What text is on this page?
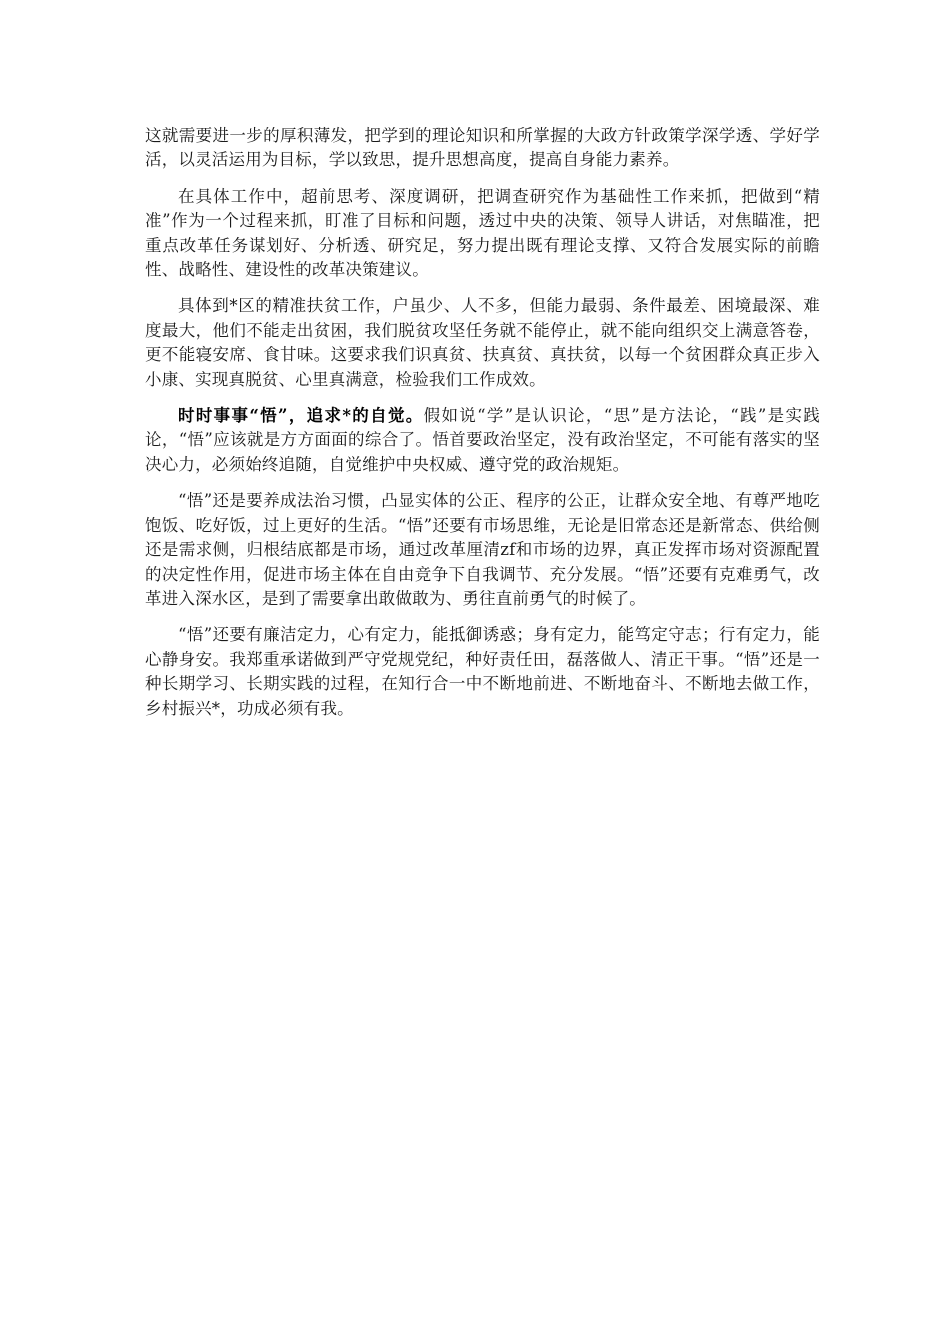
这就需要进一步的厚积薄发，把学到的理论知识和所掌握的大政方针政策学深学透、学好学活，以灵活运用为目标，学以致思，提升思想高度，提高自身能力素养。

在具体工作中，超前思考、深度调研，把调查研究作为基础性工作来抓，把做到“精准”作为一个过程来抓，盯准了目标和问题，透过中央的决策、领导人讲话，对焦瞄准，把重点改革任务谋划好、分析透、研究足，努力提出既有理论支撑、又符合发展实际的前瞻性、战略性、建设性的改革决策建议。

具体到*区的精准扶贫工作，户虽少、人不多，但能力最弱、条件最差、困境最深、难度最大，他们不能走出贫困，我们脱贫攻坚任务就不能停止，就不能向组织交上满意答卷，更不能寝安席、食甘味。这要求我们识真贫、扶真贫、真扶贫，以每一个贫困群众真正步入小康、实现真脱贫、心里真满意，检验我们工作成效。

时时事事“悟”，追求*的自觉。假如说“学”是认识论，“思”是方法论，“践”是实践论，“悟”应该就是方方面面的综合了。悟首要政治坚定，没有政治坚定，不可能有落实的坚决心力，必须始终追随，自觉维护中央权威、遵守党的政治规矩。

“悟”还是要养成法治习惯，凸显实体的公正、程序的公正，让群众安全地、有尊严地吃饱饭、吃好饭，过上更好的生活。“悟”还要有市场思维，无论是旧常态还是新常态、供给侧还是需求侧，归根结底都是市场，通过改革厘清zf和市场的边界，真正发挥市场对资源配置的决定性作用，促进市场主体在自由竞争下自我调节、充分发展。“悟”还要有克难勇气，改革进入深水区，是到了需要拿出敢做敢为、勇往直前勇气的时候了。

“悟”还要有廉洁定力，心有定力，能抵御诱惑；身有定力，能笃定守志；行有定力，能心静身安。我郑重承诺做到严守党规党纪，种好责任田，磊落做人、清正干事。“悟”还是一种长期学习、长期实践的过程，在知行合一中不断地前进、不断地奋斗、不断地去做工作，乡村振兴*，功成必须有我。
